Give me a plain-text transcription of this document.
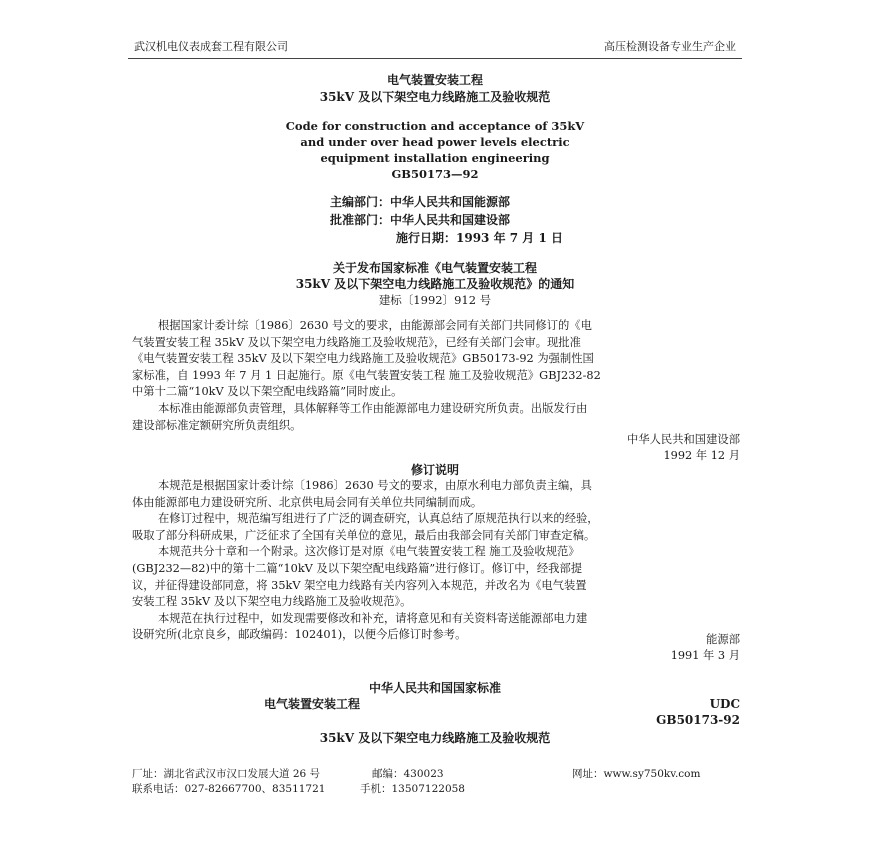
武汉机电仪表成套工程有限公司	高压检测设备专业生产企业
电气装置安装工程
35kV 及以下架空电力线路施工及验收规范
Code for construction and acceptance of 35kV
and under over head power levels electric
equipment installation engineering
GB50173—92
主编部门：中华人民共和国能源部
批准部门：中华人民共和国建设部
施行日期：1993 年 7 月 1 日
关于发布国家标准《电气装置安装工程
35kV 及以下架空电力线路施工及验收规范》的通知
建标〔1992〕912 号
根据国家计委计综〔1986〕2630 号文的要求，由能源部会同有关部门共同修订的《电
气装置安装工程 35kV 及以下架空电力线路施工及验收规范》，已经有关部门会审。现批准
《电气装置安装工程 35kV 及以下架空电力线路施工及验收规范》GB50173-92 为强制性国
家标准，自 1993 年 7 月 1 日起施行。原《电气装置安装工程 施工及验收规范》GBJ232-82
中第十二篇“10kV 及以下架空配电线路篇”同时废止。
本标准由能源部负责管理，具体解释等工作由能源部电力建设研究所负责。出版发行由
建设部标准定额研究所负责组织。
中华人民共和国建设部
1992 年 12 月
修订说明
本规范是根据国家计委计综〔1986〕2630 号文的要求，由原水利电力部负责主编，具
体由能源部电力建设研究所、北京供电局会同有关单位共同编制而成。
在修订过程中，规范编写组进行了广泛的调查研究，认真总结了原规范执行以来的经验，
吸取了部分科研成果，广泛征求了全国有关单位的意见，最后由我部会同有关部门审查定稿。
本规范共分十章和一个附录。这次修订是对原《电气装置安装工程 施工及验收规范》
(GBJ232—82)中的第十二篇“10kV 及以下架空配电线路篇”进行修订。修订中，经我部提
议，并征得建设部同意，将 35kV 架空电力线路有关内容列入本规范，并改名为《电气装置
安装工程 35kV 及以下架空电力线路施工及验收规范》。
本规范在执行过程中，如发现需要修改和补充，请将意见和有关资料寄送能源部电力建
设研究所(北京良乡，邮政编码：102401)，以便今后修订时参考。	能源部
1991 年 3 月
中华人民共和国国家标准
电气装置安装工程	UDC
GB50173-92
35kV 及以下架空电力线路施工及验收规范
厂址：湖北省武汉市汉口发展大道 26 号	邮编：430023	网址：www.sy750kv.com
联系电话：027-82667700、83511721	手机：13507122058
